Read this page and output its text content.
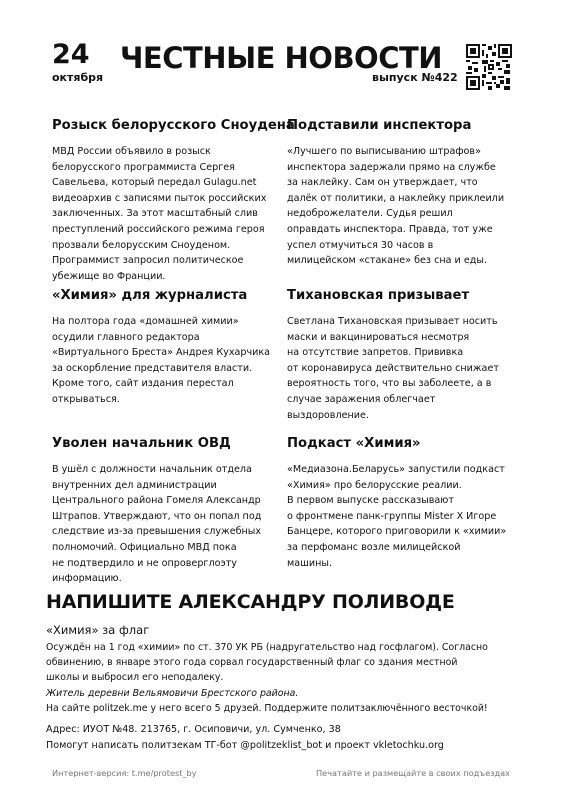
24
октября
ЧЕСТНЫЕ НОВОСТИ
выпуск №422
Розыск белорусского Сноудена

МВД России объявило в розыск
белорусского программиста Сергея
Савельева, который передал Gulagu.net
видеоархив с записями пыток российских
заключенных. За этот масштабный слив
преступлений российского режима героя
прозвали белорусским Сноуденом.
Программист запросил политическое
убежище во Франции.

Подставили инспектора

«Лучшего по выписыванию штрафов»
инспектора задержали прямо на службе
за наклейку. Сам он утверждает, что
далёк от политики, а наклейку приклеили
недоброжелатели. Судья решил
оправдать инспектора. Правда, тот уже
успел отмучиться 30 часов в
милицейском «стакане» без сна и еды.

«Химия» для журналиста

На полтора года «домашней химии»
осудили главного редактора
«Виртуального Бреста» Андрея Кухарчика
за оскорбление представителя власти.
Кроме того, сайт издания перестал
открываться.

Тихановская призывает

Светлана Тихановская призывает носить
маски и вакцинироваться несмотря
на отсутствие запретов. Прививка
от коронавируса действительно снижает
вероятность того, что вы заболеете, а в
случае заражения облегчает
выздоровление.

Уволен начальник ОВД

В ушёл с должности начальник отдела
внутренних дел администрации
Центрального района Гомеля Александр
Штрапов. Утверждают, что он попал под
следствие из-за превышения служебных
полномочий. Официально МВД пока
не подтвердило и не опроверглоэту
информацию.

Подкаст «Химия»

«Медиазона.Беларусь» запустили подкаст
«Химия» про белорусские реалии.
В первом выпуске рассказывают
о фронтмене панк-группы Mister X Игоре
Банцере, которого приговорили к «химии»
за перфоманс возле милицейской
машины.

НАПИШИТЕ АЛЕКСАНДРУ ПОЛИВОДЕ
«Химия» за флаг

Осуждён на 1 год «химии» по ст. 370 УК РБ (надругательство над госфлагом). Согласно
обвинению, в январе этого года сорвал государственный флаг со здания местной
школы и выбросил его неподалеку.
Житель деревни Вельямовичи Брестского района.
На сайте politzek.me у него всего 5 друзей. Поддержите политзаключённого весточкой!

Адрес: ИУОТ №48. 213765, г. Осиповичи, ул. Сумченко, 38
Помогут написать политзекам ТГ-бот @politzeklist_bot и проект vkletochku.org

Интернет-версия: t.me/protest_by	Печатайте и размещайте в своих подъездах
